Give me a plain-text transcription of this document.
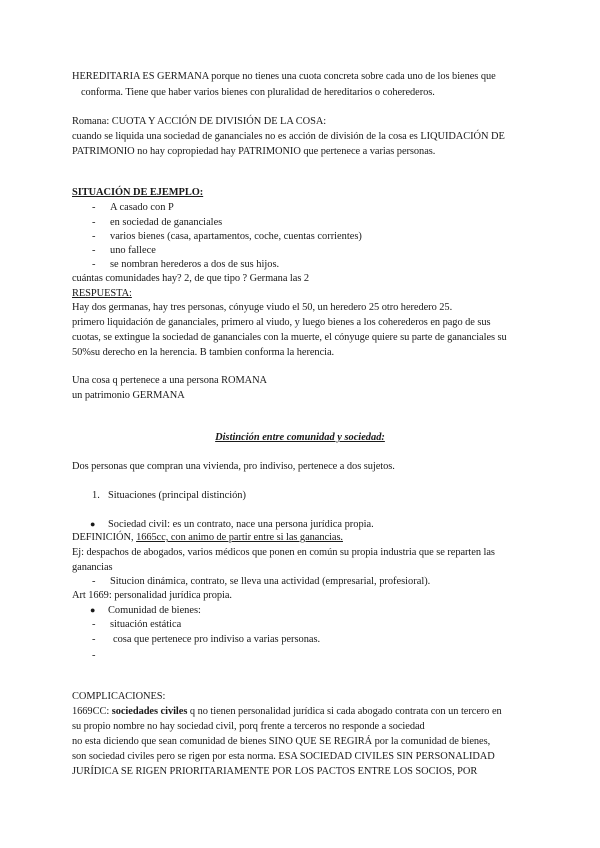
HEREDITARIA ES GERMANA porque no tienes una cuota concreta sobre cada uno de los bienes que
conforma. Tiene que haber varios bienes con pluralidad de hereditarios o coherederos.
Romana: CUOTA Y ACCIÓN DE DIVISIÓN DE LA COSA:
cuando se liquida una sociedad de gananciales no es acción de división de la cosa es LIQUIDACIÓN DE
PATRIMONIO no hay copropiedad hay PATRIMONIO que pertenece a varias personas.
SITUACIÓN DE EJEMPLO:
- A casado con P
- en sociedad de gananciales
- varios bienes (casa, apartamentos, coche, cuentas corrientes)
- uno fallece
- se nombran herederos a dos de sus hijos.
cuántas comunidades hay? 2, de que tipo ? Germana las 2
RESPUESTA:
Hay dos germanas, hay tres personas, cónyuge viudo el 50, un heredero 25 otro heredero 25.
primero liquidación de gananciales, primero al viudo, y luego bienes a los coherederos en pago de sus
cuotas, se extingue la sociedad de gananciales con la muerte, el cónyuge quiere su parte de gananciales su
50%su derecho en la herencia. B tambien conforma la herencia.
Una cosa q pertenece a una persona ROMANA
un patrimonio GERMANA
Distinción entre comunidad y sociedad:
Dos personas que compran una vivienda, pro indiviso, pertenece a dos sujetos.
1. Situaciones (principal distinción)
● Sociedad civil: es un contrato, nace una persona jurídica propia.
DEFINICIÓN, 1665cc, con animo de partir entre si las ganancias.
Ej: despachos de abogados, varios médicos que ponen en común su propia industria que se reparten las
ganancias
- Situcion dinámica, contrato, se lleva una actividad (empresarial, profesioral).
Art 1669: personalidad jurídica propia.
● Comunidad de bienes:
- situación estática
- cosa que pertenece pro indiviso a varias personas.
-
COMPLICACIONES:
1669CC: sociedades civiles q no tienen personalidad jurídica si cada abogado contrata con un tercero en
su propio nombre no hay sociedad civil, porq frente a terceros no responde a sociedad
no esta diciendo que sean comunidad de bienes SINO QUE SE REGIRÁ por la comunidad de bienes,
son sociedad civiles pero se rigen por esta norma. ESA SOCIEDAD CIVILES SIN PERSONALIDAD
JURÍDICA SE RIGEN PRIORITARIAMENTE POR LOS PACTOS ENTRE LOS SOCIOS, POR
